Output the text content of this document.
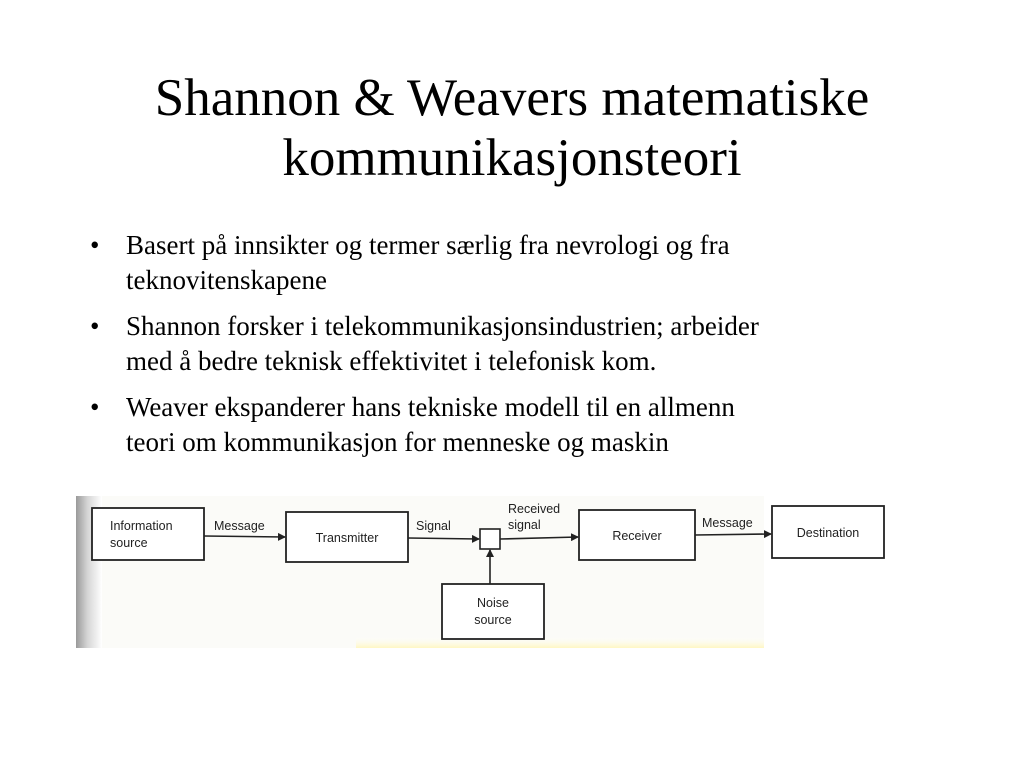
Shannon & Weavers matematiske
kommunikasjonsteori
• Basert på innsikter og termer særlig fra nevrologi og fra
teknovitenskapene
• Shannon forsker i telekommunikasjonsindustrien; arbeider
med å bedre teknisk effektivitet i telefonisk kom.
• Weaver ekspanderer hans tekniske modell til en allmenn
teori om kommunikasjon for menneske og maskin
Information
source	Transmitter	Receiver	Destination
Noise
source
Message	Signal
Received
signal	Message
